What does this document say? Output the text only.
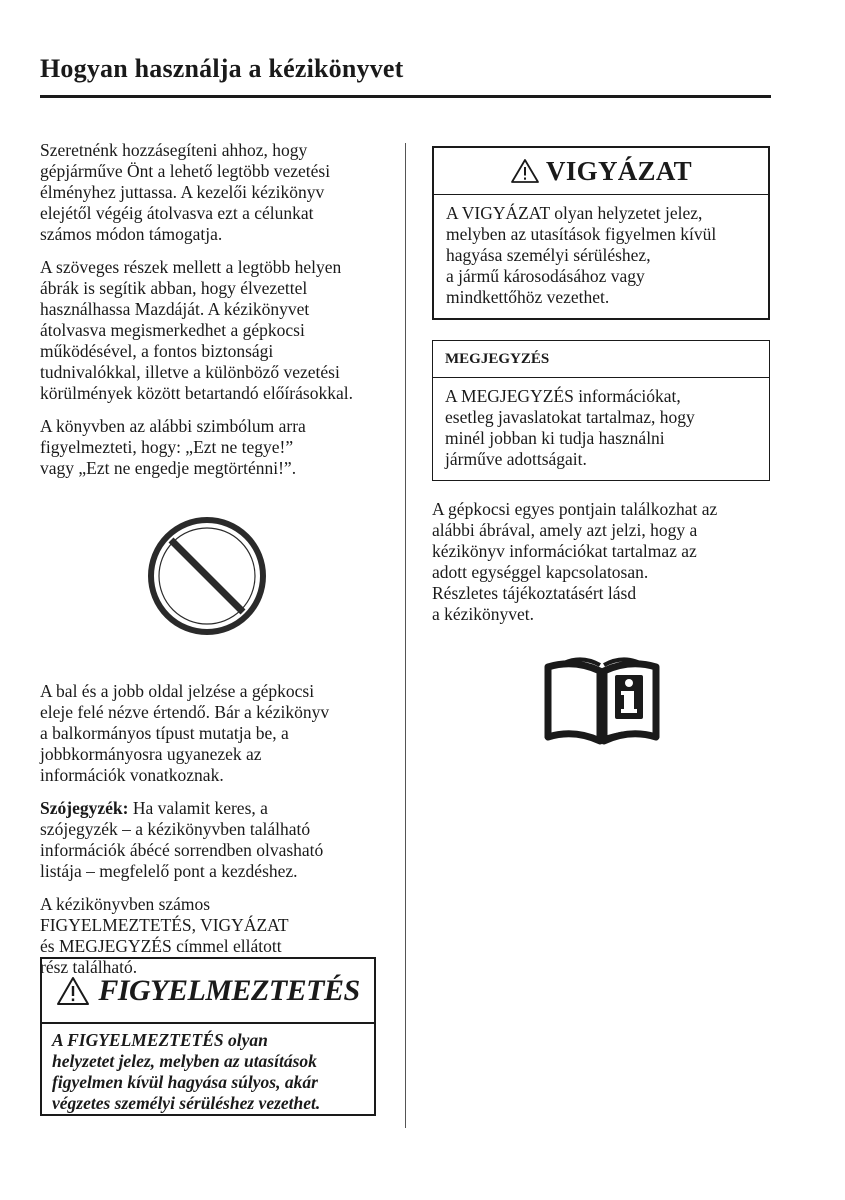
Hogyan használja a kézikönyvet

Szeretnénk hozzásegíteni ahhoz, hogy
gépjárműve Önt a lehető legtöbb vezetési
élményhez juttassa. A kezelői kézikönyv
elejétől végéig átolvasva ezt a célunkat
számos módon támogatja.

A szöveges részek mellett a legtöbb helyen
ábrák is segítik abban, hogy élvezettel
használhassa Mazdáját. A kézikönyvet
átolvasva megismerkedhet a gépkocsi
működésével, a fontos biztonsági
tudnivalókkal, illetve a különböző vezetési
körülmények között betartandó előírásokkal.

A könyvben az alábbi szimbólum arra
figyelmezteti, hogy: „Ezt ne tegye!”
vagy „Ezt ne engedje megtörténni!”.

A bal és a jobb oldal jelzése a gépkocsi
eleje felé nézve értendő. Bár a kézikönyv
a balkormányos típust mutatja be, a
jobbkormányosra ugyanezek az
információk vonatkoznak.

Szójegyzék: Ha valamit keres, a
szójegyzék – a kézikönyvben található
információk ábécé sorrendben olvasható
listája – megfelelő pont a kezdéshez.

A kézikönyvben számos
FIGYELMEZTETÉS, VIGYÁZAT
és MEGJEGYZÉS címmel ellátott
rész található.

FIGYELMEZTETÉS
A FIGYELMEZTETÉS olyan
helyzetet jelez, melyben az utasítások
figyelmen kívül hagyása súlyos, akár
végzetes személyi sérüléshez vezethet.
VIGYÁZAT
A VIGYÁZAT olyan helyzetet jelez,
melyben az utasítások figyelmen kívül
hagyása személyi sérüléshez,
a jármű károsodásához vagy
mindkettőhöz vezethet.
MEGJEGYZÉS
A MEGJEGYZÉS információkat,
esetleg javaslatokat tartalmaz, hogy
minél jobban ki tudja használni
járműve adottságait.

A gépkocsi egyes pontjain találkozhat az
alábbi ábrával, amely azt jelzi, hogy a
kézikönyv információkat tartalmaz az
adott egységgel kapcsolatosan.
Részletes tájékoztatásért lásd
a kézikönyvet.
